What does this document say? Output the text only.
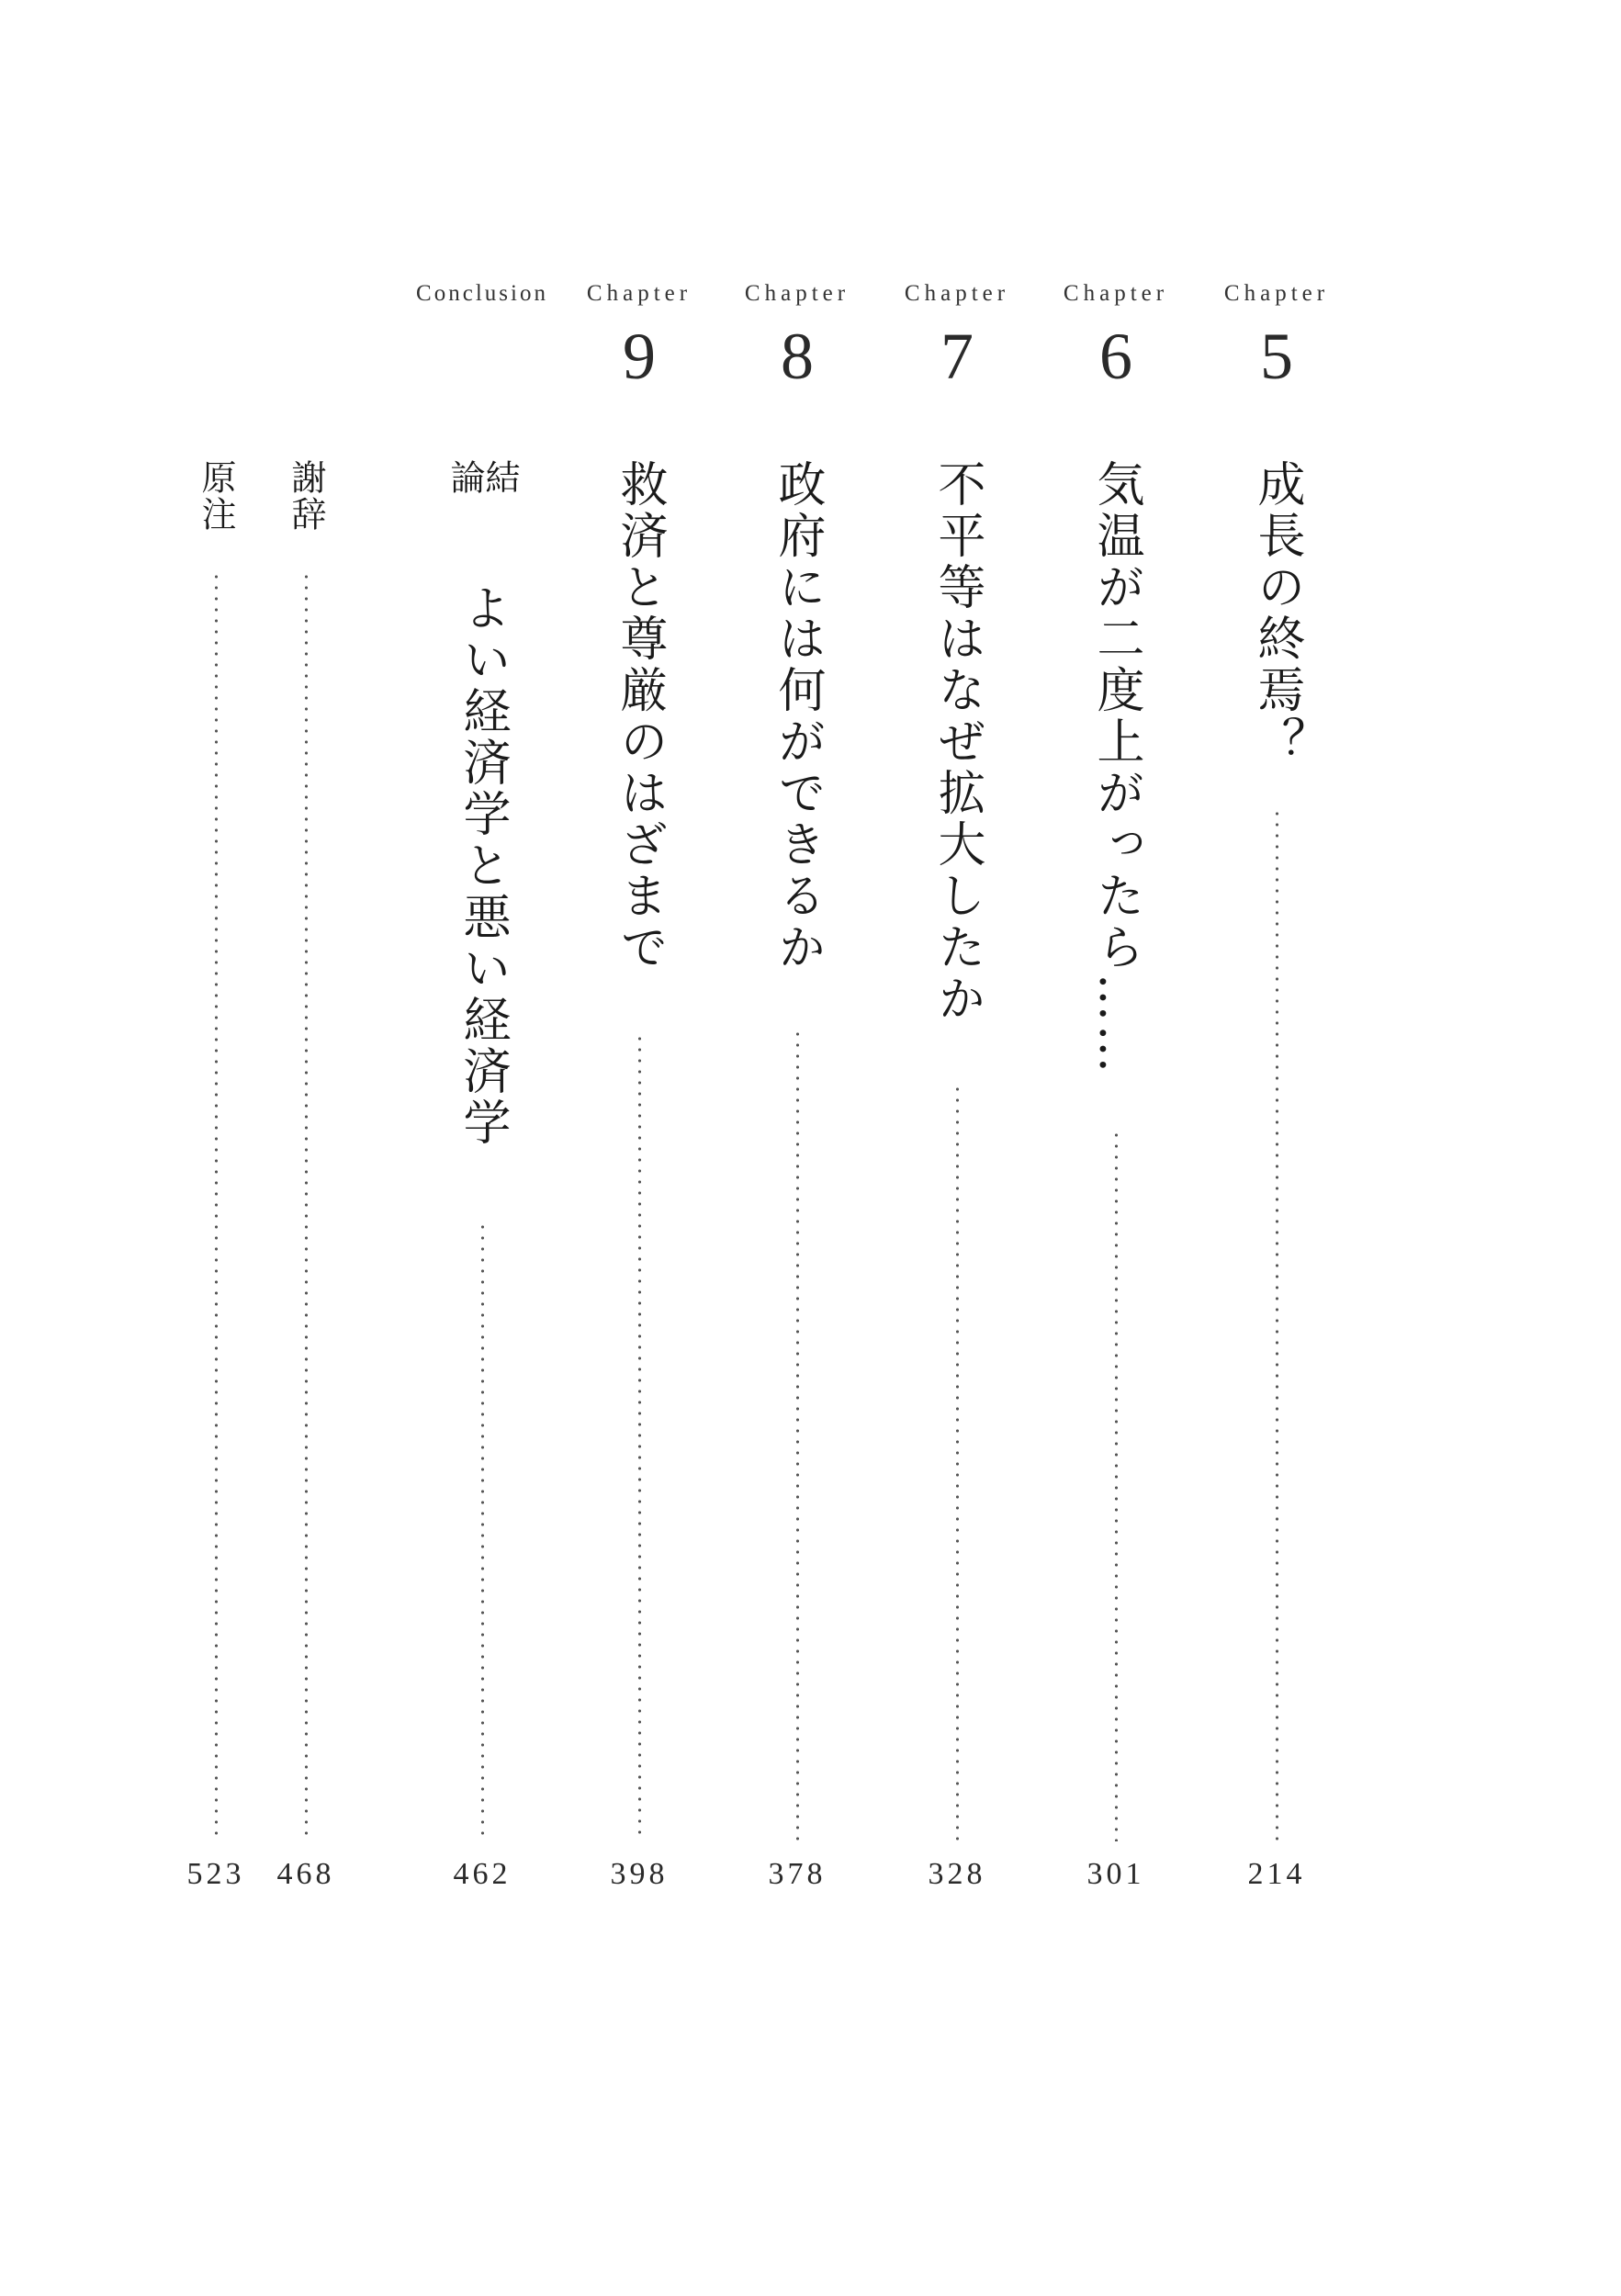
Chapter
5
成長の終焉？
214
Chapter
6
気温が二度上がったら……
301
Chapter
7
不平等はなぜ拡大したか
328
Chapter
8
政府には何ができるか
378
Chapter
9
救済と尊厳のはざまで
398
Conclusion
結論
よい経済学と悪い経済学
462
謝辞
468
原注
523
